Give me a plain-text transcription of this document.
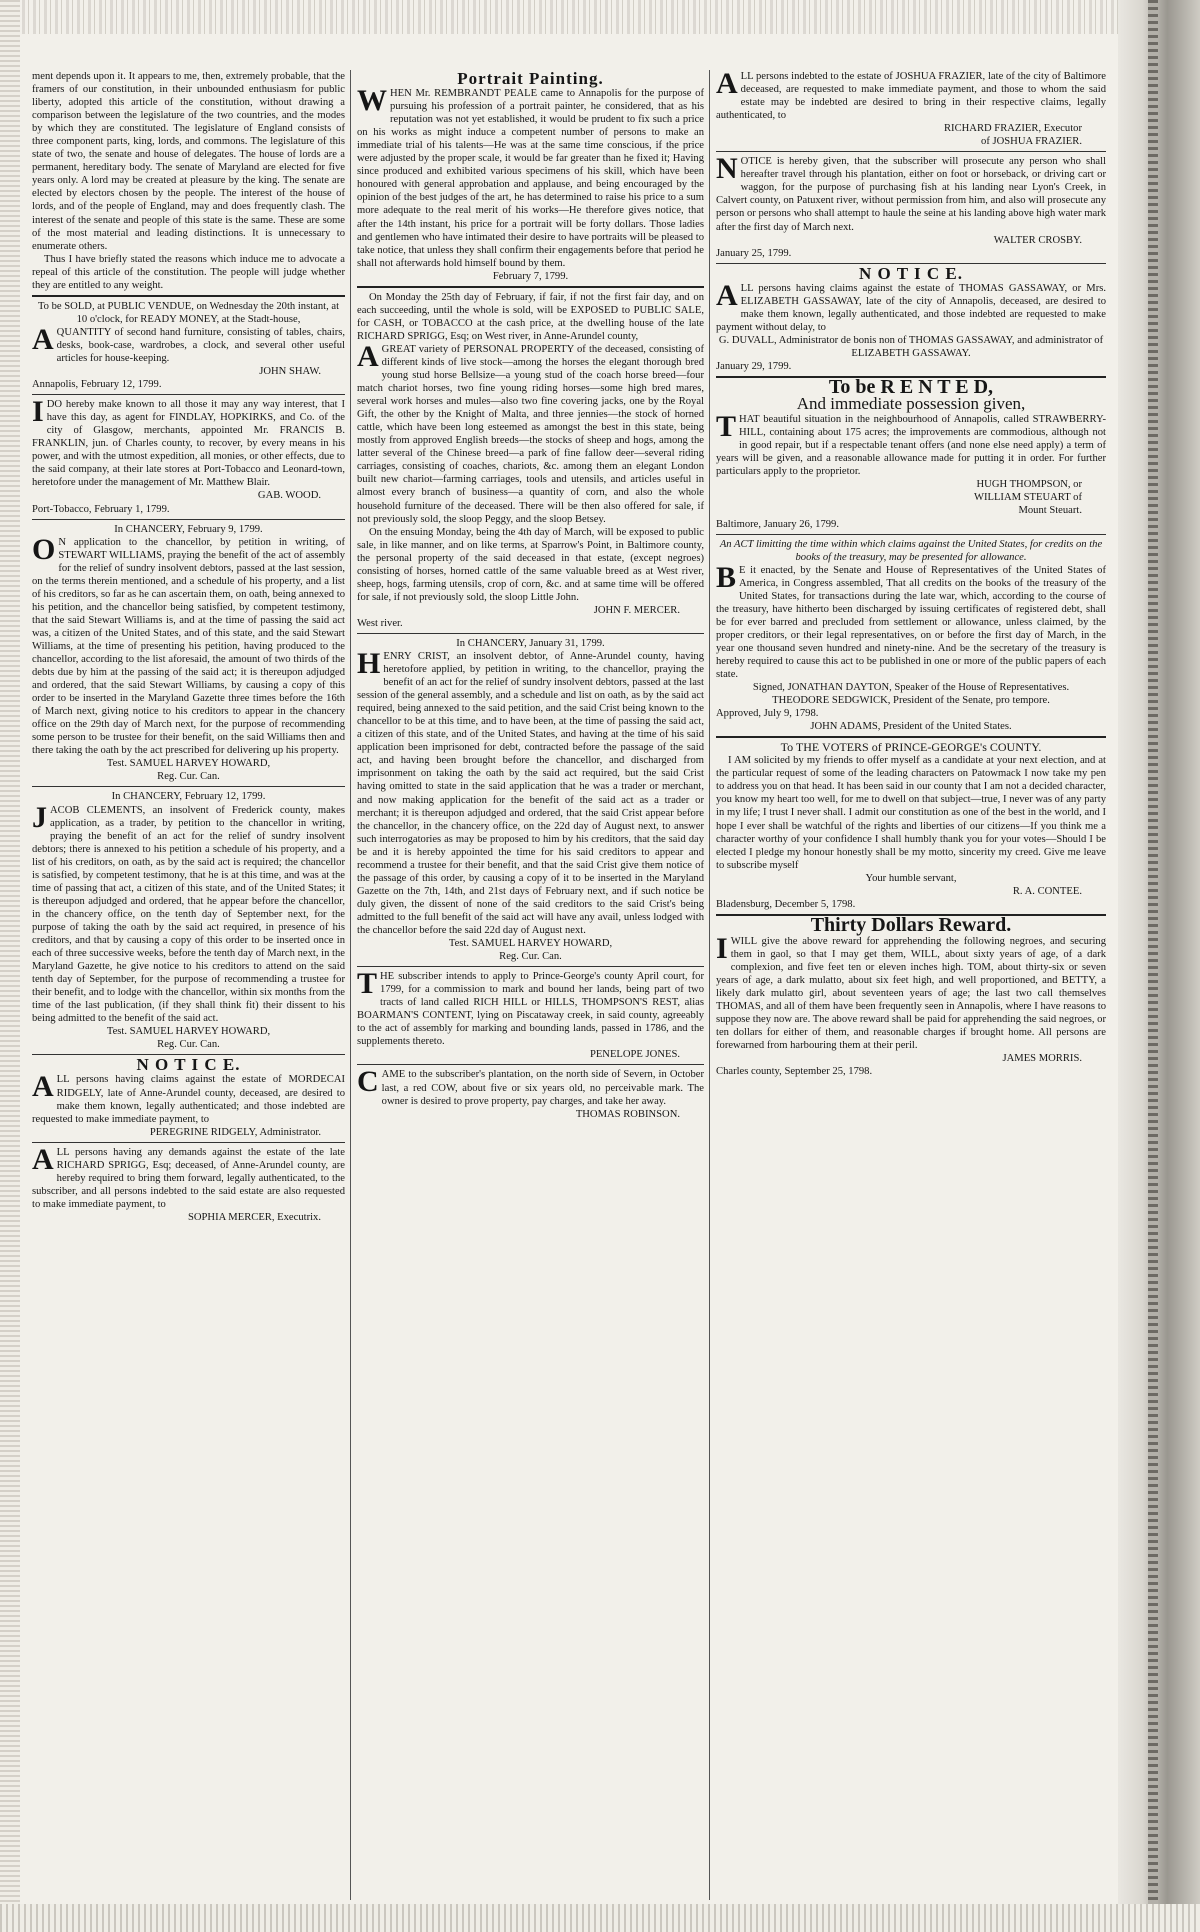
ment depends upon it. It appears to me, then, extremely probable, that the framers of our constitution, in their unbounded enthusiasm for public liberty, adopted this article of the constitution, without drawing a comparison between the legislature of the two countries, and the modes by which they are constituted. The legislature of England consists of three component parts, king, lords, and commons. The legislature of this state of two, the senate and house of delegates. The house of lords are a permanent, hereditary body. The senate of Maryland are elected for five years only. A lord may be created at pleasure by the king. The senate are elected by electors chosen by the people. The interest of the house of lords, and of the people of England, may and does frequently clash. The interest of the senate and people of this state is the same. These are some of the most material and leading distinctions. It is unnecessary to enumerate others.

Thus I have briefly stated the reasons which induce me to advocate a repeal of this article of the constitution. The people will judge whether they are entitled to any weight.

To be SOLD, at PUBLIC VENDUE, on Wednesday the 20th instant, at 10 o'clock, for READY MONEY, at the Stadt-house,

AQUANTITY of second hand furniture, consisting of tables, chairs, desks, book-case, wardrobes, a clock, and several other useful articles for house-keeping.

JOHN SHAW.

Annapolis, February 12, 1799.

IDO hereby make known to all those it may any way interest, that I have this day, as agent for FINDLAY, HOPKIRKS, and Co. of the city of Glasgow, merchants, appointed Mr. FRANCIS B. FRANKLIN, jun. of Charles county, to recover, by every means in his power, and with the utmost expedition, all monies, or other effects, due to the said company, at their late stores at Port-Tobacco and Leonard-town, heretofore under the management of Mr. Matthew Blair.

GAB. WOOD.

Port-Tobacco, February 1, 1799.

In CHANCERY, February 9, 1799.

O N application to the chancellor, by petition in writing, of STEWART WILLIAMS, praying the benefit of the act of assembly for the relief of sundry insolvent debtors, passed at the last session, on the terms therein mentioned, and a schedule of his property, and a list of his creditors, so far as he can ascertain them, on oath, being annexed to his petition, and the chancellor being satisfied, by competent testimony, that the said Stewart Williams is, and at the time of passing the said act was, a citizen of the United States, and of this state, and the said Stewart Williams, at the time of presenting his petition, having produced to the chancellor, according to the list aforesaid, the amount of two thirds of the debts due by him at the passing of the said act; it is thereupon adjudged and ordered, that the said Stewart Williams, by causing a copy of this order to be inserted in the Maryland Gazette three times before the 16th of March next, giving notice to his creditors to appear in the chancery office on the 29th day of March next, for the purpose of recommending some person to be trustee for their benefit, on the said Williams then and there taking the oath by the act prescribed for delivering up his property.

Test. SAMUEL HARVEY HOWARD,

Reg. Cur. Can.

In CHANCERY, February 12, 1799.

JACOB CLEMENTS, an insolvent of Frederick county, makes application, as a trader, by petition to the chancellor in writing, praying the benefit of an act for the relief of sundry insolvent debtors; there is annexed to his petition a schedule of his property, and a list of his creditors, on oath, as by the said act is required; the chancellor is satisfied, by competent testimony, that he is at this time, and was at the time of passing that act, a citizen of this state, and of the United States; it is thereupon adjudged and ordered, that he appear before the chancellor, in the chancery office, on the tenth day of September next, for the purpose of taking the oath by the said act required, in presence of his creditors, and that by causing a copy of this order to be inserted once in each of three successive weeks, before the tenth day of March next, in the Maryland Gazette, he give notice to his creditors to attend on the said tenth day of September, for the purpose of recommending a trustee for their benefit, and to lodge with the chancellor, within six months from the time of the last publication, (if they shall think fit) their dissent to his being admitted to the benefit of the said act.

Test. SAMUEL HARVEY HOWARD,

Reg. Cur. Can.

N O T I C E.

ALL persons having claims against the estate of MORDECAI RIDGELY, late of Anne-Arundel county, deceased, are desired to make them known, legally authenticated; and those indebted are requested to make immediate payment, to

PEREGRINE RIDGELY, Administrator.

ALL persons having any demands against the estate of the late RICHARD SPRIGG, Esq; deceased, of Anne-Arundel county, are hereby required to bring them forward, legally authenticated, to the subscriber, and all persons indebted to the said estate are also requested to make immediate payment, to

SOPHIA MERCER, Executrix.

Portrait Painting.

WHEN Mr. REMBRANDT PEALE came to Annapolis for the purpose of pursuing his profession of a portrait painter, he considered, that as his reputation was not yet established, it would be prudent to fix such a price on his works as might induce a competent number of persons to make an immediate trial of his talents—He was at the same time conscious, if the price were adjusted by the proper scale, it would be far greater than he fixed it; Having since produced and exhibited various specimens of his skill, which have been honoured with general approbation and applause, and being encouraged by the opinion of the best judges of the art, he has determined to raise his price to a sum more adequate to the real merit of his works—He therefore gives notice, that after the 14th instant, his price for a portrait will be forty dollars. Those ladies and gentlemen who have intimated their desire to have portraits will be pleased to take notice, that unless they shall confirm their engagements before that period he shall not afterwards hold himself bound by them.

February 7, 1799.

On Monday the 25th day of February, if fair, if not the first fair day, and on each succeeding, until the whole is sold, will be EXPOSED to PUBLIC SALE, for CASH, or TOBACCO at the cash price, at the dwelling house of the late RICHARD SPRIGG, Esq; on West river, in Anne-Arundel county,

AGREAT variety of PERSONAL PROPERTY of the deceased, consisting of different kinds of live stock—among the horses the elegant thorough bred young stud horse Bellsize—a young stud of the coach horse breed—four match chariot horses, two fine young riding horses—some high bred mares, several work horses and mules—also two fine covering jacks, one by the Royal Gift, the other by the Knight of Malta, and three jennies—the stock of horned cattle, which have been long esteemed as amongst the best in this state, being mostly from approved English breeds—the stocks of sheep and hogs, among the latter several of the Chinese breed—a park of fine fallow deer—several riding carriages, consisting of coaches, chariots, &c. among them an elegant London built new chariot—farming carriages, tools and utensils, and articles useful in almost every branch of business—a quantity of corn, and also the whole household furniture of the deceased. There will be then also offered for sale, if not previously sold, the sloop Peggy, and the sloop Betsey.

On the ensuing Monday, being the 4th day of March, will be exposed to public sale, in like manner, and on like terms, at Sparrow's Point, in Baltimore county, the personal property of the said deceased in that estate, (except negroes) consisting of horses, horned cattle of the same valuable breed as at West river, sheep, hogs, farming utensils, crop of corn, &c. and at same time will be offered for sale, if not previously sold, the sloop Little John.

JOHN F. MERCER.

West river.

In CHANCERY, January 31, 1799.

HENRY CRIST, an insolvent debtor, of Anne-Arundel county, having heretofore applied, by petition in writing, to the chancellor, praying the benefit of an act for the relief of sundry insolvent debtors, passed at the last session of the general assembly, and a schedule and list on oath, as by the said act required, being annexed to the said petition, and the said Crist being known to the chancellor to be at this time, and to have been, at the time of passing the said act, a citizen of this state, and of the United States, and having at the time of his said application been imprisoned for debt, contracted before the passage of the said act, and having been brought before the chancellor, and discharged from imprisonment on taking the oath by the said act required, but the said Crist having omitted to state in the said application that he was a trader or merchant, and now making application for the benefit of the said act as a trader or merchant; it is thereupon adjudged and ordered, that the said Crist appear before the chancellor, in the chancery office, on the 22d day of August next, to answer such interrogatories as may be proposed to him by his creditors, that the said day be and it is hereby appointed the time for his said creditors to appear and recommend a trustee for their benefit, and that the said Crist give them notice of the passage of this order, by causing a copy of it to be inserted in the Maryland Gazette on the 7th, 14th, and 21st days of February next, and if such notice be duly given, the dissent of none of the said creditors to the said Crist's being admitted to the full benefit of the said act will have any avail, unless lodged with the chancellor before the said 22d day of August next.

Test. SAMUEL HARVEY HOWARD,

Reg. Cur. Can.

THE subscriber intends to apply to Prince-George's county April court, for 1799, for a commission to mark and bound her lands, being part of two tracts of land called RICH HILL or HILLS, THOMPSON'S REST, alias BOARMAN'S CONTENT, lying on Piscataway creek, in said county, agreeably to the act of assembly for marking and bounding lands, passed in 1786, and the supplements thereto.

PENELOPE JONES.

CAME to the subscriber's plantation, on the north side of Severn, in October last, a red COW, about five or six years old, no perceivable mark. The owner is desired to prove property, pay charges, and take her away.

THOMAS ROBINSON.

ALL persons indebted to the estate of JOSHUA FRAZIER, late of the city of Baltimore deceased, are requested to make immediate payment, and those to whom the said estate may be indebted are desired to bring in their respective claims, legally authenticated, to

RICHARD FRAZIER, Executor

of JOSHUA FRAZIER.

NOTICE is hereby given, that the subscriber will prosecute any person who shall hereafter travel through his plantation, either on foot or horseback, or driving cart or waggon, for the purpose of purchasing fish at his landing near Lyon's Creek, in Calvert county, on Patuxent river, without permission from him, and also will prosecute any person or persons who shall attempt to haule the seine at his landing above high water mark after the first day of March next.

WALTER CROSBY.

January 25, 1799.

N O T I C E.

ALL persons having claims against the estate of THOMAS GASSAWAY, or Mrs. ELIZABETH GASSAWAY, late of the city of Annapolis, deceased, are desired to make them known, legally authenticated, and those indebted are requested to make payment without delay, to

G. DUVALL, Administrator de bonis non of THOMAS GASSAWAY, and administrator of ELIZABETH GASSAWAY.

January 29, 1799.

To be R E N T E D,

And immediate possession given,

THAT beautiful situation in the neighbourhood of Annapolis, called STRAWBERRY-HILL, containing about 175 acres; the improvements are commodious, although not in good repair, but if a respectable tenant offers (and none else need apply) a term of years will be given, and a reasonable allowance made for putting it in order. For further particulars apply to the proprietor.

HUGH THOMPSON, or

WILLIAM STEUART of

Mount Steuart.

Baltimore, January 26, 1799.

An ACT limitting the time within which claims against the United States, for credits on the books of the treasury, may be presented for allowance.

B E it enacted, by the Senate and House of Representatives of the United States of America, in Congress assembled, That all credits on the books of the treasury of the United States, for transactions during the late war, which, according to the course of the treasury, have hitherto been discharged by issuing certificates of registered debt, shall be for ever barred and precluded from settlement or allowance, unless claimed, by the proper creditors, or their legal representatives, on or before the first day of March, in the year one thousand seven hundred and ninety-nine. And be the secretary of the treasury is hereby required to cause this act to be published in one or more of the public papers of each state.

Signed, JONATHAN DAYTON, Speaker of the House of Representatives.

THEODORE SEDGWICK, President of the Senate, pro tempore.

Approved, July 9, 1798.

JOHN ADAMS, President of the United States.

To THE VOTERS of PRINCE-GEORGE's COUNTY.

I AM solicited by my friends to offer myself as a candidate at your next election, and at the particular request of some of the leading characters on Patowmack I now take my pen to address you on that head. It has been said in our county that I am not a decided character, you know my heart too well, for me to dwell on that subject—true, I never was of any party in my life; I trust I never shall. I admit our constitution as one of the best in the world, and I hope I ever shall be watchful of the rights and liberties of our citizens—If you think me a character worthy of your confidence I shall humbly thank you for your votes—Should I be elected I pledge my honour honestly shall be my motto, sincerity my creed. Give me leave to subscribe myself

Your humble servant,

R. A. CONTEE.

Bladensburg, December 5, 1798.

Thirty Dollars Reward.

IWILL give the above reward for apprehending the following negroes, and securing them in gaol, so that I may get them, WILL, about sixty years of age, of a dark complexion, and five feet ten or eleven inches high. TOM, about thirty-six or seven years of age, a dark mulatto, about six feet high, and well proportioned, and BETTY, a likely dark mulatto girl, about seventeen years of age; the last two call themselves THOMAS, and all of them have been frequently seen in Annapolis, where I have reasons to suppose they now are. The above reward shall be paid for apprehending the said negroes, or ten dollars for either of them, and reasonable charges if brought home. All persons are forewarned from harbouring them at their peril.

JAMES MORRIS.

Charles county, September 25, 1798.
